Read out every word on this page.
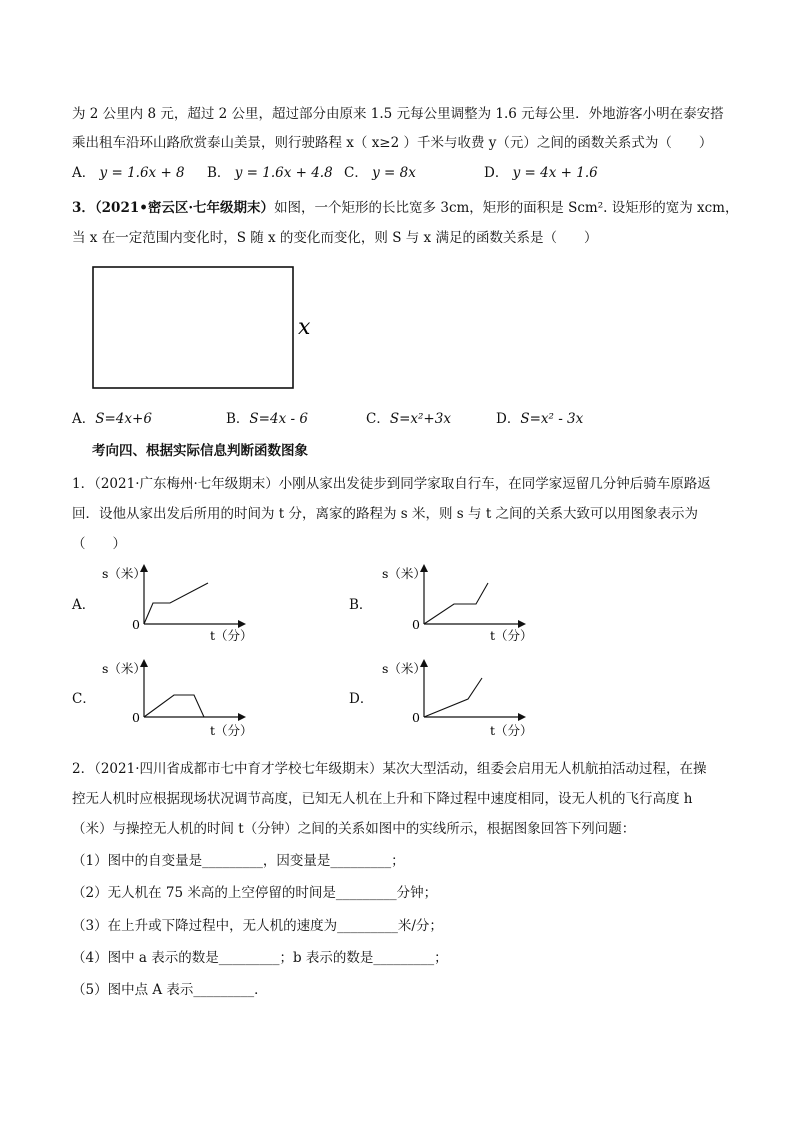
为 2 公里内 8 元，超过 2 公里，超过部分由原来 1.5 元每公里调整为 1.6 元每公里．外地游客小明在泰安搭
乘出租车沿环山路欣赏泰山美景，则行驶路程 x（ x≥2 ）千米与收费 y（元）之间的函数关系式为（　　）
A． y = 1.6x + 8 B． y = 1.6x + 4.8 C． y = 8x	D． y = 4x + 1.6
3．（2021•密云区·七年级期末）如图，一个矩形的长比宽多 3cm，矩形的面积是 Scm². 设矩形的宽为 xcm，
当 x 在一定范围内变化时，S 随 x 的变化而变化，则 S 与 x 满足的函数关系是（　　）
x
A．S=4x+6	B．S=4x - 6	C．S=x²+3x	D．S=x² - 3x
考向四、根据实际信息判断函数图象
1．（2021·广东梅州·七年级期末）小刚从家出发徒步到同学家取自行车，在同学家逗留几分钟后骑车原路返
回．设他从家出发后所用的时间为 t 分，离家的路程为 s 米，则 s 与 t 之间的关系大致可以用图象表示为
（　　）
A．	B．
C．	D．
s（米）
0
t（分）
s（米）
0
t（分）
s（米）
0
t（分）
s（米）
0
t（分）
2．（2021·四川省成都市七中育才学校七年级期末）某次大型活动，组委会启用无人机航拍活动过程，在操
控无人机时应根据现场状况调节高度，已知无人机在上升和下降过程中速度相同，设无人机的飞行高度 h
（米）与操控无人机的时间 t（分钟）之间的关系如图中的实线所示，根据图象回答下列问题：
（1）图中的自变量是_________，因变量是_________；
（2）无人机在 75 米高的上空停留的时间是_________分钟；
（3）在上升或下降过程中，无人机的速度为_________米/分；
（4）图中 a 表示的数是_________；b 表示的数是_________；
（5）图中点 A 表示_________．
